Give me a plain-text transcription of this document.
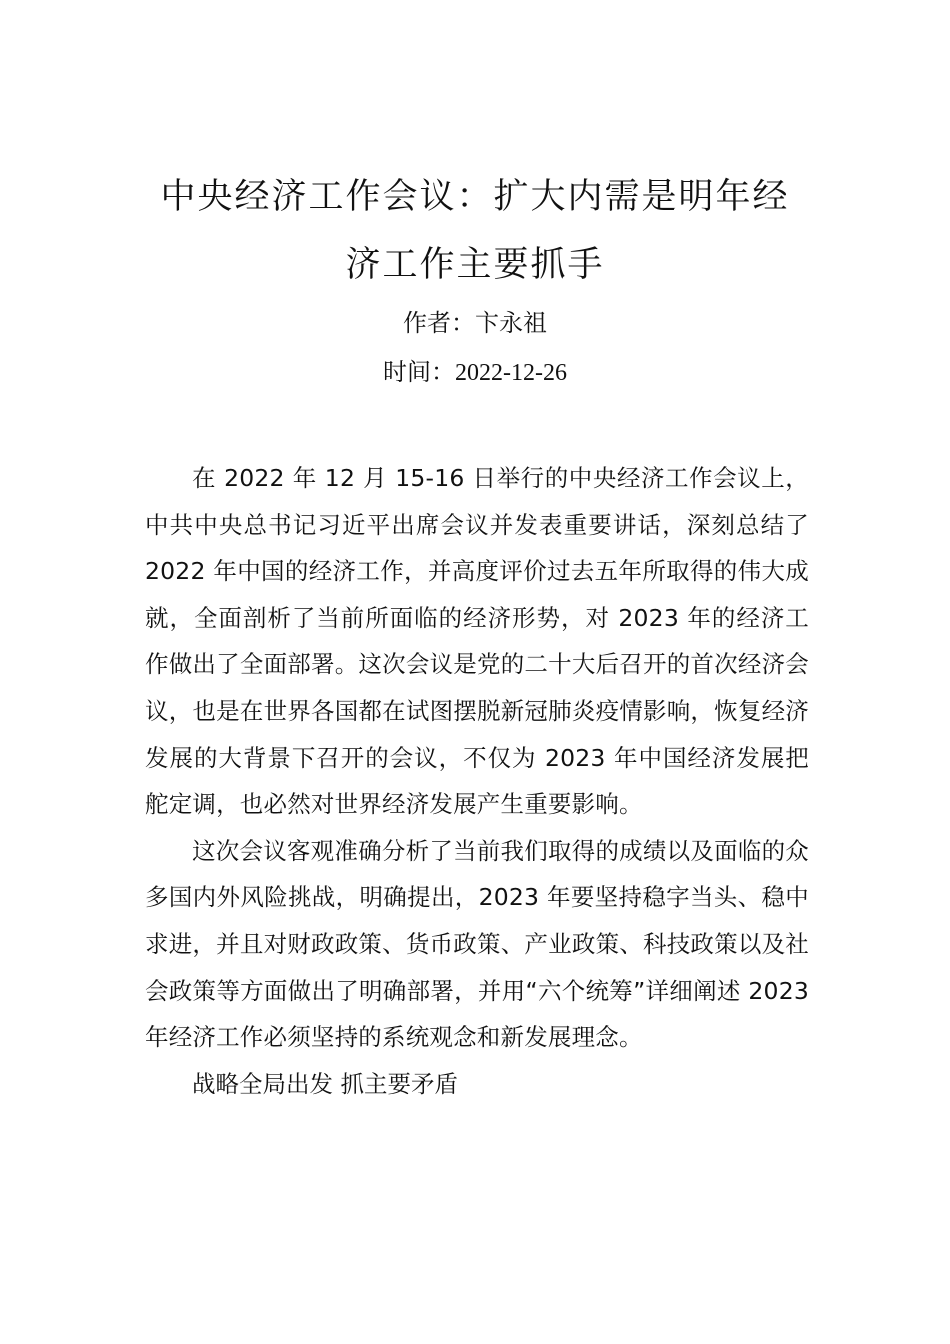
中央经济工作会议：扩大内需是明年经
济工作主要抓手
作者：卞永祖
时间：2022-12-26

在 2022 年 12 月 15-16 日举行的中央经济工作会议上，中共中央总书记习近平出席会议并发表重要讲话，深刻总结了 2022 年中国的经济工作，并高度评价过去五年所取得的伟大成就，全面剖析了当前所面临的经济形势，对 2023 年的经济工作做出了全面部署。这次会议是党的二十大后召开的首次经济会议，也是在世界各国都在试图摆脱新冠肺炎疫情影响，恢复经济发展的大背景下召开的会议，不仅为 2023 年中国经济发展把舵定调，也必然对世界经济发展产生重要影响。

这次会议客观准确分析了当前我们取得的成绩以及面临的众多国内外风险挑战，明确提出，2023 年要坚持稳字当头、稳中求进，并且对财政政策、货币政策、产业政策、科技政策以及社会政策等方面做出了明确部署，并用“六个统筹”详细阐述 2023 年经济工作必须坚持的系统观念和新发展理念。

战略全局出发 抓主要矛盾
